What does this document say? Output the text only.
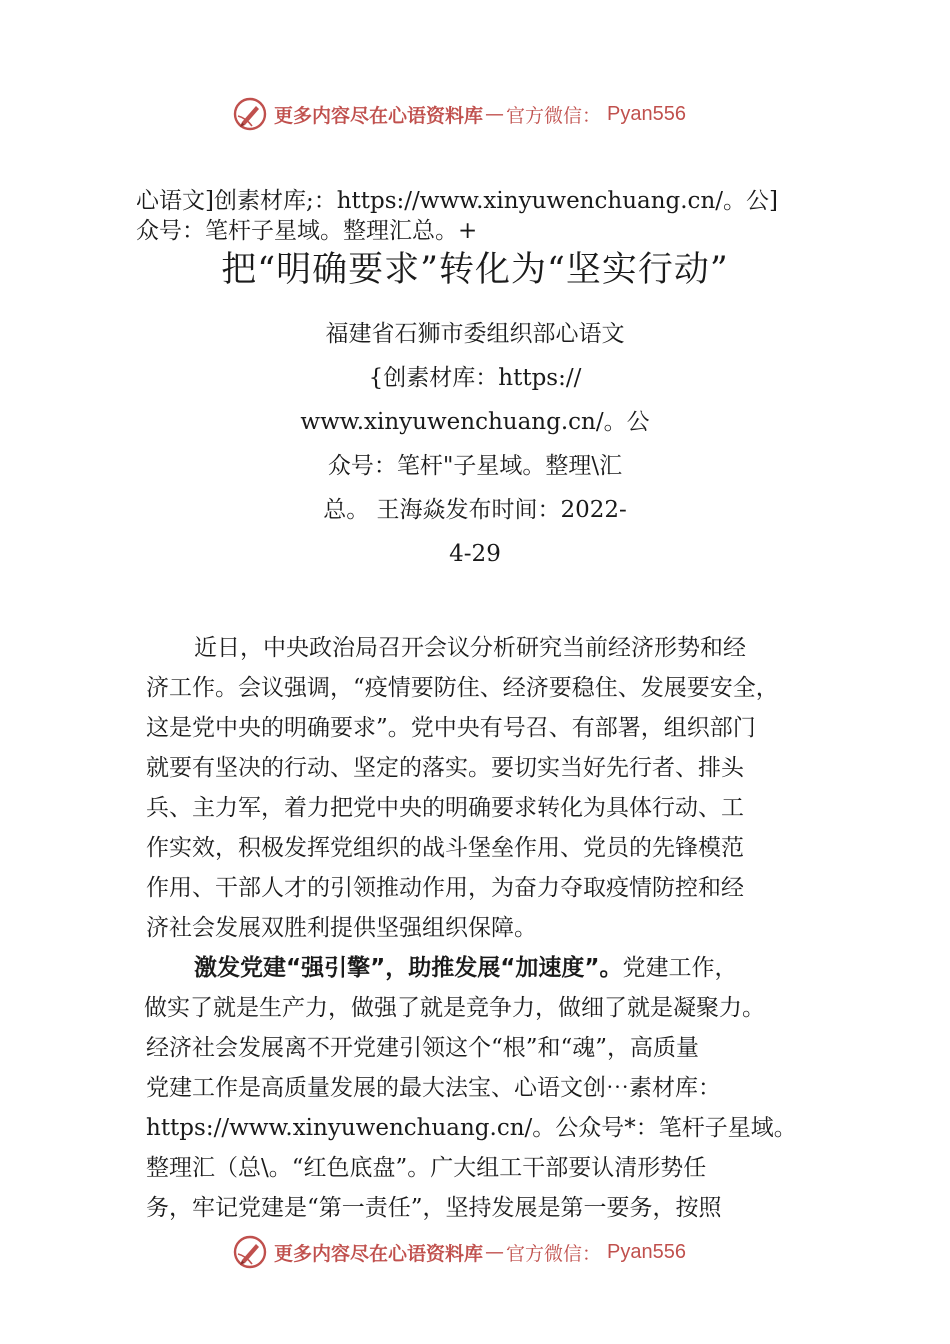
更多内容尽在心语资料库 — 官方微信： Pyan556
心语文]创素材库;：https://www.xinyuwenchuang.cn/。公]
众号：笔杆子星域。整理汇总。+
把“明确要求”转化为“坚实行动”
福建省石狮市委组织部心语文
{创素材库：https://
www.xinyuwenchuang.cn/。公
众号：笔杆"子星域。整理\汇
总。 王海焱发布时间：2022-
4-29
近日，中央政治局召开会议分析研究当前经济形势和经
济工作。会议强调，“疫情要防住、经济要稳住、发展要安全，
这是党中央的明确要求”。党中央有号召、有部署，组织部门
就要有坚决的行动、坚定的落实。要切实当好先行者、排头
兵、主力军，着力把党中央的明确要求转化为具体行动、工
作实效，积极发挥党组织的战斗堡垒作用、党员的先锋模范
作用、干部人才的引领推动作用，为奋力夺取疫情防控和经
济社会发展双胜利提供坚强组织保障。
激发党建“强引擎”，助推发展“加速度”。党建工作，
做实了就是生产力，做强了就是竞争力，做细了就是凝聚力。
经济社会发展离不开党建引领这个“根”和“魂”，高质量
党建工作是高质量发展的最大法宝、心语文创⋯素材库：
https://www.xinyuwenchuang.cn/。公众号*：笔杆子星域。
整理汇（总\。“红色底盘”。广大组工干部要认清形势任
务，牢记党建是“第一责任”，坚持发展是第一要务，按照
更多内容尽在心语资料库 — 官方微信： Pyan556
